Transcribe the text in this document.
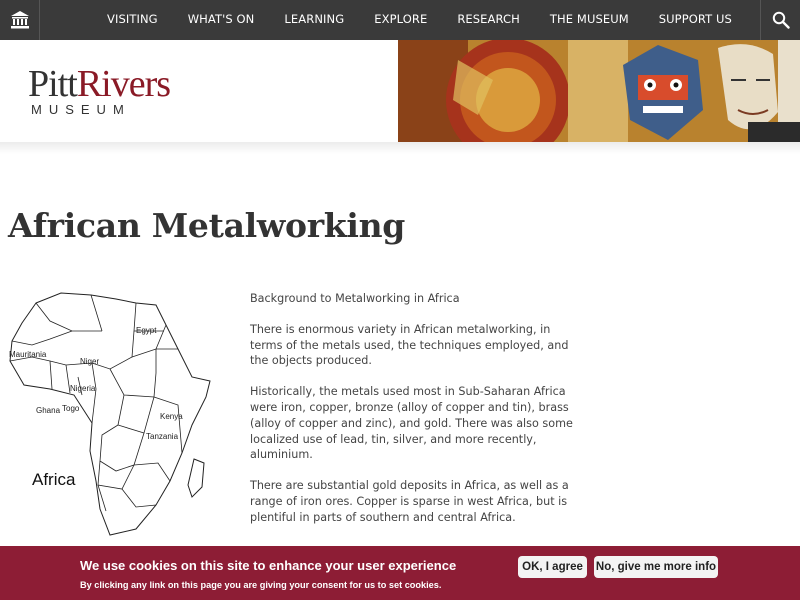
VISITING	WHAT'S ON	LEARNING	EXPLORE	RESEARCH	THE MUSEUM	SUPPORT US
PittRivers
MUSEUM
African Metalworking
Egypt
Mauritania
Niger
Nigeria
Ghana Togo
Kenya
Tanzania
Africa

Background to Metalworking in Africa

There is enormous variety in African metalworking, in terms of the metals used, the techniques employed, and the objects produced.

Historically, the metals used most in Sub-Saharan Africa were iron, copper, bronze (alloy of copper and tin), brass (alloy of copper and zinc), and gold. There was also some localized use of lead, tin, silver, and more recently, aluminium.

There are substantial gold deposits in Africa, as well as a range of iron ores. Copper is sparse in west Africa, but is plentiful in parts of southern and central Africa.

We use cookies on this site to enhance your user experience
By clicking any link on this page you are giving your consent for us to set cookies.
OK, I agree	No, give me more info
